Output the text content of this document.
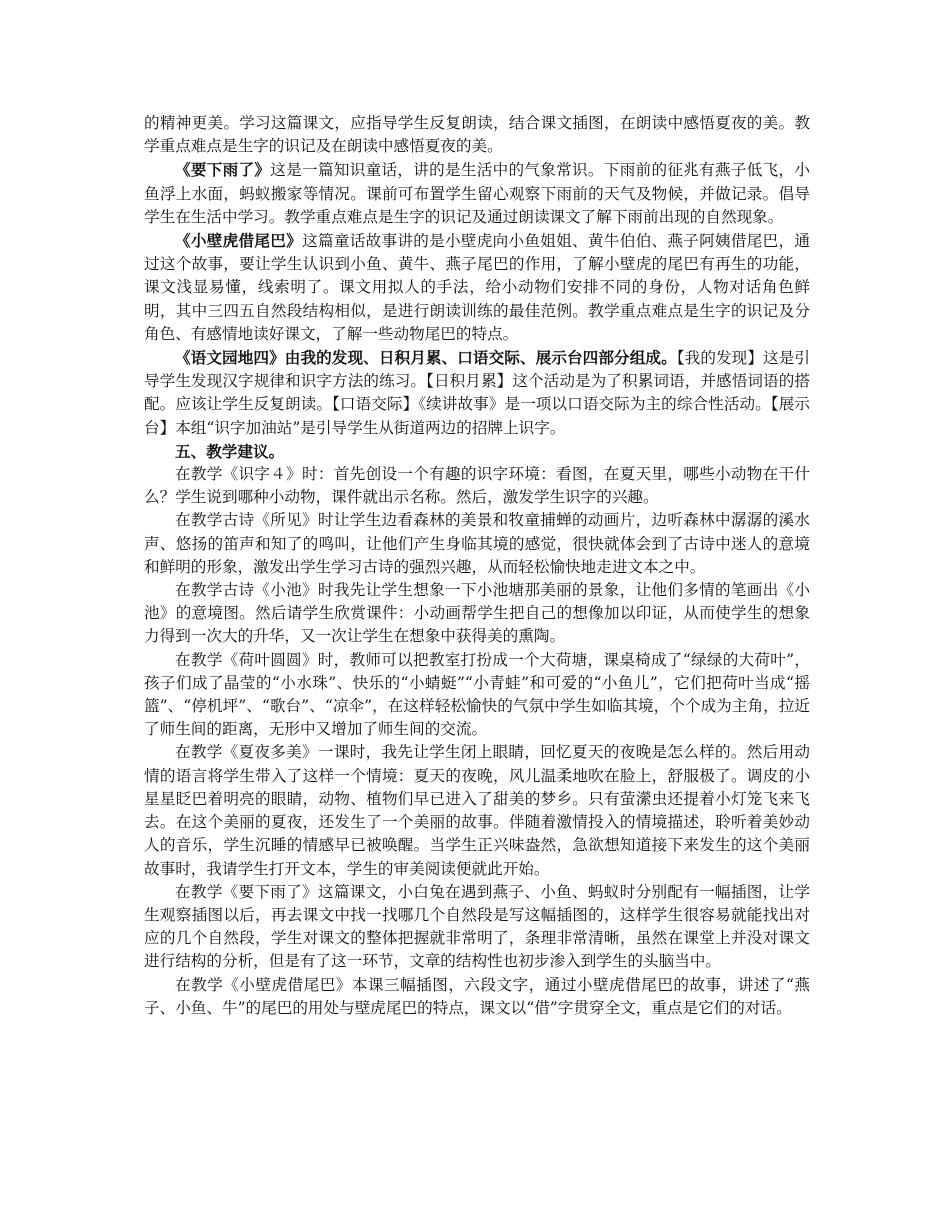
的精神更美。学习这篇课文，应指导学生反复朗读，结合课文插图，在朗读中感悟夏夜的美。教学重点难点是生字的识记及在朗读中感悟夏夜的美。

《要下雨了》这是一篇知识童话，讲的是生活中的气象常识。下雨前的征兆有燕子低飞，小鱼浮上水面，蚂蚁搬家等情况。课前可布置学生留心观察下雨前的天气及物候，并做记录。倡导学生在生活中学习。教学重点难点是生字的识记及通过朗读课文了解下雨前出现的自然现象。

《小壁虎借尾巴》这篇童话故事讲的是小壁虎向小鱼姐姐、黄牛伯伯、燕子阿姨借尾巴，通过这个故事，要让学生认识到小鱼、黄牛、燕子尾巴的作用，了解小壁虎的尾巴有再生的功能，课文浅显易懂，线索明了。课文用拟人的手法，给小动物们安排不同的身份，人物对话角色鲜明，其中三四五自然段结构相似，是进行朗读训练的最佳范例。教学重点难点是生字的识记及分角色、有感情地读好课文，了解一些动物尾巴的特点。

《语文园地四》由我的发现、日积月累、口语交际、展示台四部分组成。【我的发现】这是引导学生发现汉字规律和识字方法的练习。【日积月累】这个活动是为了积累词语，并感悟词语的搭配。应该让学生反复朗读。【口语交际】《续讲故事》是一项以口语交际为主的综合性活动。【展示台】本组“识字加油站”是引导学生从街道两边的招牌上识字。

五、教学建议。

在教学《识字４》时：首先创设一个有趣的识字环境：看图，在夏天里，哪些小动物在干什么？学生说到哪种小动物，课件就出示名称。然后，激发学生识字的兴趣。

在教学古诗《所见》时让学生边看森林的美景和牧童捕蝉的动画片，边听森林中潺潺的溪水声、悠扬的笛声和知了的鸣叫，让他们产生身临其境的感觉，很快就体会到了古诗中迷人的意境和鲜明的形象，激发出学生学习古诗的强烈兴趣，从而轻松愉快地走进文本之中。

在教学古诗《小池》时我先让学生想象一下小池塘那美丽的景象，让他们多情的笔画出《小池》的意境图。然后请学生欣赏课件：小动画帮学生把自己的想像加以印证，从而使学生的想象力得到一次大的升华，又一次让学生在想象中获得美的熏陶。

在教学《荷叶圆圆》时，教师可以把教室打扮成一个大荷塘，课桌椅成了“绿绿的大荷叶”，孩子们成了晶莹的“小水珠”、快乐的“小蜻蜓”“小青蛙”和可爱的“小鱼儿”，它们把荷叶当成“摇篮”、“停机坪”、“歌台”、“凉伞”，在这样轻松愉快的气氛中学生如临其境，个个成为主角，拉近了师生间的距离，无形中又增加了师生间的交流。

在教学《夏夜多美》一课时，我先让学生闭上眼睛，回忆夏天的夜晚是怎么样的。然后用动情的语言将学生带入了这样一个情境：夏天的夜晚，风儿温柔地吹在脸上，舒服极了。调皮的小星星眨巴着明亮的眼睛，动物、植物们早已进入了甜美的梦乡。只有萤瀠虫还提着小灯笼飞来飞去。在这个美丽的夏夜，还发生了一个美丽的故事。伴随着激情投入的情境描述，聆听着美妙动人的音乐，学生沉睡的情感早已被唤醒。当学生正兴味盎然，急欲想知道接下来发生的这个美丽故事时，我请学生打开文本，学生的审美阅读便就此开始。

在教学《要下雨了》这篇课文，小白兔在遇到燕子、小鱼、蚂蚁时分别配有一幅插图，让学生观察插图以后，再去课文中找一找哪几个自然段是写这幅插图的，这样学生很容易就能找出对应的几个自然段，学生对课文的整体把握就非常明了，条理非常清晰，虽然在课堂上并没对课文进行结构的分析，但是有了这一环节，文章的结构性也初步渗入到学生的头脑当中。

在教学《小壁虎借尾巴》本课三幅插图，六段文字，通过小壁虎借尾巴的故事，讲述了“燕子、小鱼、牛”的尾巴的用处与壁虎尾巴的特点，课文以“借”字贯穿全文，重点是它们的对话。
